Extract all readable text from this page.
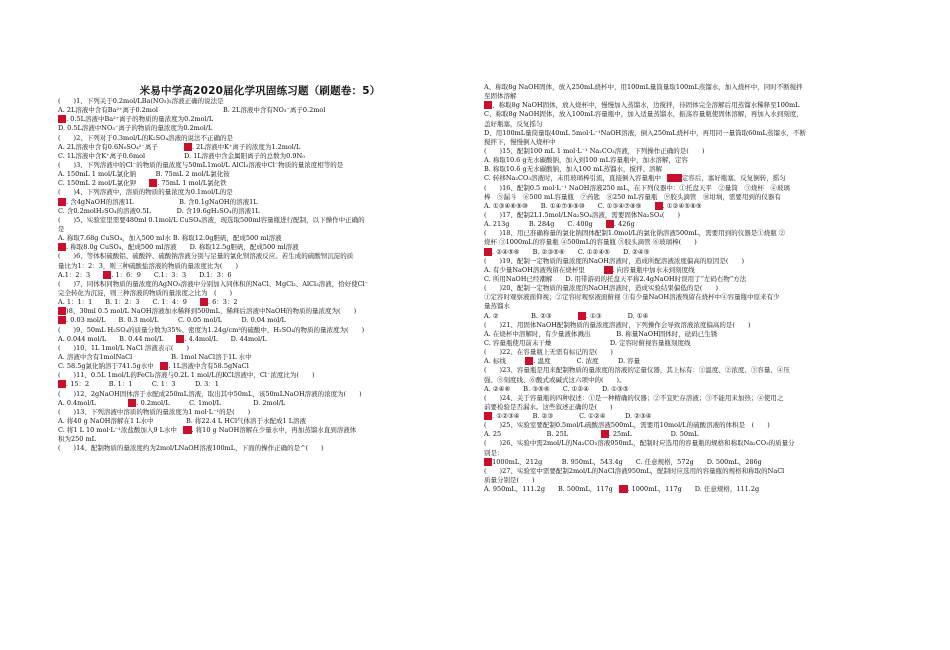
米易中学高2020届化学巩固练习题（刷题卷：5）
(　　)1、下列关于0.2mol/LBa(NO₃)₂溶液正确的说法是
A. 2L溶液中含有Ba²⁺离子0.2mol　　　　　　　　　　B. 2L溶液中含有NO₃⁻离子0.2mol
■. 0.5L溶液中Ba²⁺离子的物质的量浓度为0.2mol/L
D. 0.5L溶液中NO₃⁻离子的物质的量浓度为0.2mol/L
(　　)2、下列对于0.3mol/L的K₂SO₄溶液的说法不正确的是
A. 2L溶液中含有0.6N₀SO₄²⁻离子　　　　■. 2L溶液中K⁺离子的浓度为1.2mol/L
C. 1L溶液中含K⁺离子0.6mol　　　　　　D. 1L溶液中含金属阳离子的总数为0.9N₀
(　　)3、下列溶液中的Cl⁻的物质的量浓度与50mL1mol/L AlCl₃溶液中Cl⁻物质的量浓度相等的是
A. 150mL 1 mol/L氯化钠　　　B. 75mL 2 mol/L氯化铵
C. 150mL 2 mol/L氯化钾　　■. 75mL 1 mol/L氯化铁
(　　)4、下列溶液中，溶质的物质的量浓度为0.1mol/L的是
■. 含4gNaOH的溶液1L　　　　　　　B. 含0.1gNaOH的溶液1L
C. 含0.2molH₂SO₄的溶液0.5L　　　　D. 含19.6gH₂SO₄的溶液1L
(　　)5、实验室里需要480ml 0.1mol/L CuSO₄溶液，现选取500ml容量瓶进行配制，以下操作中正确的
是
A. 称取7.68g CuSO₄，加入500 ml水 B. 称取12.0g胆矾，配成500 ml溶液
■. 称取8.0g CuSO₄，配成500 ml溶液　　D. 称取12.5g胆矾，配成500 ml溶液
(　　)6、等体积硫酸铝、硫酸锌、硫酸钠溶液分别与足量的氯化钡溶液反应。若生成的硫酸钡沉淀的质
量比为1：2：3，则三种硫酸盐溶液的物质的量浓度比为(　　)
A.1：2：3　　■. 1：6：9　　C.1：3：3　　D.1：3：6
(　　)7、同体积同物质的量浓度的AgNO₃溶液中分别加入同体积的NaCl、MgCl₂、AlCl₃溶液，恰好使Cl⁻
完全转化为沉淀，则三种溶液的物质的量浓度之比为　(　　)
A. 1：1：1　　B. 1：2：3　　C. 1：4：9　　■. 6：3：2
■)8、30ml 0.5 mol/L NaOH溶液加水稀释到500mL，稀释后溶液中NaOH的物质的量浓度为(　　)
■. 0.03 mol/L　　B. 0.3 mol/L　　　C. 0.05 mol/L　　　D. 0.04 mol/L
(　　)9、50mL H₂SO₄的质量分数为35%、密度为1.24g/cm³的硫酸中，H₂SO₄的物质的量浓度为(　　)
A. 0.044 mol/L　　B. 0.44 mol/L　　■. 4.4mol/L　　D. 44mol/L
(　　)10、1L 1mol/L NaCl 溶液表示(　　)
A. 溶液中含有1molNaCl　　　　　　B. 1mol NaCl溶于1L 水中
C. 58.5g氯化钠溶于741.5g水中　■. 1L溶液中含有58.5gNaCl
(　　)11、0.5L 1mol/L的FeCl₃溶液与0.2L 1 mol/L的KCl溶液中，Cl⁻浓度比为(　　)
■. 15：2　　　B. 1：1　　　C. 1：3　　　D. 3：1
(　　)12、2gNaOH固体溶于水配成250mL溶液，取出其中50mL，该50mLNaOH溶液的浓度为(　　)
A. 0.4mol/L　　　　　■. 0.2mol/L　　　C. 1mol/L　　　　　D. 2mol/L
(　　)13、下列溶液中溶质的物质的量浓度为1 mol·L⁻¹的是(　　)
A. 将40 g NaOH溶解在1 L水中　　　　　B. 将22.4 L HCl气体溶于水配成1 L溶液
C. 将1 L 10 mol·L⁻¹浓盐酸加入9 L水中　■. 将10 g NaOH溶解在少量水中，再加蒸馏水直到溶液体
积为250 mL
(　　)14、配制物质的量浓度约为2mol/LNaOH溶液100mL，下面的操作正确的是^(　　)
A、称取8g NaOH固体，放入250mL烧杯中，用100mL量筒量取100mL蒸馏水，加入烧杯中，同时不断搅拌
至固体溶解
■、称取8g NaOH固体，放入烧杯中，慢慢加入蒸馏水，边搅拌，待固体完全溶解后用蒸馏水稀释至100mL
C、称取8g NaOH固体，放入100mL容量瓶中，加入适量蒸馏水，振荡容量瓶使固体溶解，再加入水到刻度，
盖好瓶塞，反复摇匀
D、用100mL量筒量取40mL 5mol·L⁻¹NaOH溶液，倒入250mL烧杯中，再用同一量筒取60mL蒸馏水，不断
搅拌下，慢慢倒入烧杯中
(　　)15、配制100 mL 1 mol·L⁻¹ Na₂CO₃溶液，下列操作正确的是(　　)
A. 称取10.6 g无水碳酸钠，加入到100 mL容量瓶中，加水溶解，定容
B. 称取10.6 g无水碳酸钠，加入100 mL蒸馏水，搅拌、溶解
C. 转移Na₂CO₃溶液时，未用玻璃棒引流，直接倒入容量瓶中　■■定容后，塞好瓶塞，反复倒转，摇匀
(　　)16、配制0.5 mol·L⁻¹ NaOH溶液250 mL，在下列仪器中：①托盘天平　②量筒　③烧杯　④玻璃
棒　⑤漏斗　⑥500 mL容量瓶　⑦药匙　⑧250 mL容量瓶　⑨胶头滴管　⑩坩埚，需要用到的仪器有
A. ①③④⑥⑨⑩　　B. ①④⑦⑧⑨⑩　　C. ①③④⑦⑧⑨　　■. ①②④⑤⑧⑨
(　　)17、配制2L1.5mol/LNa₂SO₄溶液，需要固体Na₂SO₄(　　)
A. 213g　　　B. 284g　　C. 400g　　■. 426g
(　　)18、用已准确称量的氯化钠固体配制1.0mol/L的氯化钠溶液500mL，需要用到的仪器是①烧瓶 ②
烧杯 ③1000mL的容量瓶 ④500mL的容量瓶 ⑤胶头滴管 ⑥玻璃棒(　　)
■. ②④⑤⑥　　B. ②③⑤⑥　　C. ①②④⑤　　D. ②④⑤
(　　)19、配制一定物质的量浓度的NaOH溶液时，造成所配溶液浓度偏高的原因是(　　)
A. 有少量NaOH溶液残留在烧杯里　　　■. 向容量瓶中加水未到刻度线
C. 所用NaOH已经潮解　　D. 用带游码的托盘天平称2.4gNaOH时误用了“左码右物”方法
(　　)20、配制一定物质的量浓度的NaOH溶液时，造成实验结果偏低的是(　　)
①定容时观察液面仰视；②定容时观察液面俯视 ③有少量NaOH溶液残留在烧杯中④容量瓶中原来有少
量蒸馏水
A. ②　　　　　B. ②③　　　　■. ①③　　　　D. ①④
(　　)21、用固体NaOH配制物质的量浓度溶液时，下列操作会导致溶液浓度偏高的是(　　)
A. 在烧杯中溶解时，有少量液体溅出　　　　B. 称量NaOH固体时，砝码已生锈
C. 容量瓶使用前未干燥　　　　　　　　　D. 定容时俯视容量瓶刻度线
(　　)22、在容量瓶上无需有标记的是(　　)
A. 标线　　　■. 温度　　　　C. 浓度　　　D. 容量
(　　)23、容量瓶是用来配制物质的量浓度的溶液的定量仪器，其上标有：①温度、②浓度、③容量、④压
强、⑤刻度线、⑥酸式或碱式这六项中的(　　)。
A. ②④⑥　　B. ③⑤⑥　　C. ①②④　　D. ①③⑤
(　　)24、关于容量瓶的四种叙述：①是一种精确的仪器；②不宜贮存溶液；③不能用来加热；④使用之
前要检验是否漏水。这些叙述正确的是(　　)
■. ①②③④　　B. ②③　　　　C. ①②④　　　D. ②③④
(　　)25、实验室要配制0.5mol/L硫酸溶液500mL，需要用10mol/L的硫酸溶液的体积是　(　　)
A. 25　　　　　　　B. 25L　　　　　■. 25mL　　　　　　D. 50mL
(　　)26、实验中需2mol/L的Na₂CO₃溶液950mL，配制时应选用的容量瓶的规格和称取Na₂CO₃的质量分
别是：
■1000mL，212g　　　B. 950mL，543.4g　　C. 任意规格，572g　　D. 500mL，286g
(　　)27、实验室中需要配制2mol/L的NaCl溶液950mL，配制时应选用的容量瓶的规格和称取的NaCl
质量分别是(　　)
A. 950mL，111.2g　　B. 500mL，117g　■. 1000mL，117g　　D. 任意规格，111.2g
